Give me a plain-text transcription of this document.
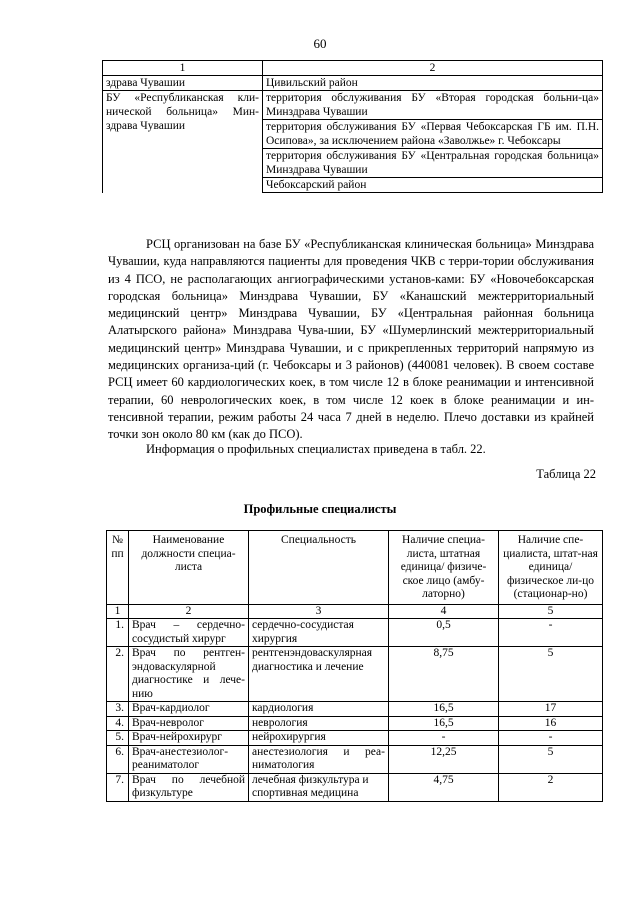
60
1	2
здрава Чувашии	Цивильский район
БУ «Республиканская кли-нической больница» Мин-здрава Чувашии	территория обслуживания БУ «Вторая городская больни-ца» Минздрава Чувашии
	территория обслуживания БУ «Первая Чебоксарская ГБ им. П.Н. Осипова», за исключением района «Заволжье» г. Чебоксары
	территория обслуживания БУ «Центральная городская больница» Минздрава Чувашии
	Чебоксарский район

РСЦ организован на базе БУ «Республиканская клиническая больница» Минздрава Чувашии, куда направляются пациенты для проведения ЧКВ с терри-тории обслуживания из 4 ПСО, не располагающих ангиографическими установ-ками: БУ «Новочебоксарская городская больница» Минздрава Чувашии, БУ «Канашский межтерриториальный медицинский центр» Минздрава Чувашии, БУ «Центральная районная больница Алатырского района» Минздрава Чува-шии, БУ «Шумерлинский межтерриториальный медицинский центр» Минздрава Чувашии, и с прикрепленных территорий напрямую из медицинских организа-ций (г. Чебоксары и 3 районов) (440081 человек). В своем составе РСЦ имеет 60 кардиологических коек, в том числе 12 в блоке реанимации и интенсивной терапии, 60 неврологических коек, в том числе 12 коек в блоке реанимации и ин-тенсивной терапии, режим работы 24 часа 7 дней в неделю. Плечо доставки из крайней точки зон около 80 км (как до ПСО).

Информация о профильных специалистах приведена в табл. 22.

Таблица 22
Профильные специалисты
№ пп	Наименование должности специа-листа	Специальность	Наличие специа-листа, штатная единица/ физиче-ское лицо (амбу-латорно)	Наличие спе-циалиста, штат-ная единица/ физическое ли-цо (стационар-но)
1	2	3	4	5
1.	Врач – сердечно-сосудистый хирург	сердечно-сосудистая хирургия	0,5	-
2.	Врач по рентген-эндоваскулярной диагностике и лече-нию	рентгенэндоваскулярная диагностика и лечение	8,75	5
3.	Врач-кардиолог	кардиология	16,5	17
4.	Врач-невролог	неврология	16,5	16
5.	Врач-нейрохирург	нейрохирургия	-	-
6.	Врач-анестезиолог-реаниматолог	анестезиология и реа-ниматология	12,25	5
7.	Врач по лечебной физкультуре	лечебная физкультура и спортивная медицина	4,75	2
